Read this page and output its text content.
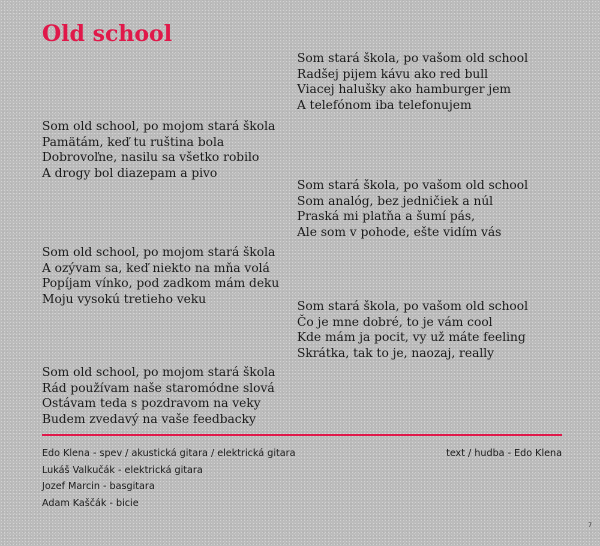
Old school
Som stará škola, po vašom old school
Radšej pijem kávu ako red bull
Viacej halušky ako hamburger jem
A telefónom iba telefonujem
Som old school, po mojom stará škola
Pamätám, keď tu ruština bola
Dobrovoľne, nasilu sa všetko robilo
A drogy bol diazepam a pivo
Som stará škola, po vašom old school
Som analóg, bez jedničiek a núl
Praská mi platňa a šumí pás,
Ale som v pohode, ešte vidím vás
Som old school, po mojom stará škola
A ozývam sa, keď niekto na mňa volá
Popíjam vínko, pod zadkom mám deku
Moju vysokú tretieho veku
Som stará škola, po vašom old school
Čo je mne dobré, to je vám cool
Kde mám ja pocit, vy už máte feeling
Skrátka, tak to je, naozaj, really
Som old school, po mojom stará škola
Rád používam naše staromódne slová
Ostávam teda s pozdravom na veky
Budem zvedavý na vaše feedbacky
Edo Klena - spev / akustická gitara / elektrická gitara
Lukáš Valkučák - elektrická gitara
Jozef Marcin - basgitara
Adam Kaščák - bicie
text / hudba - Edo Klena
7
